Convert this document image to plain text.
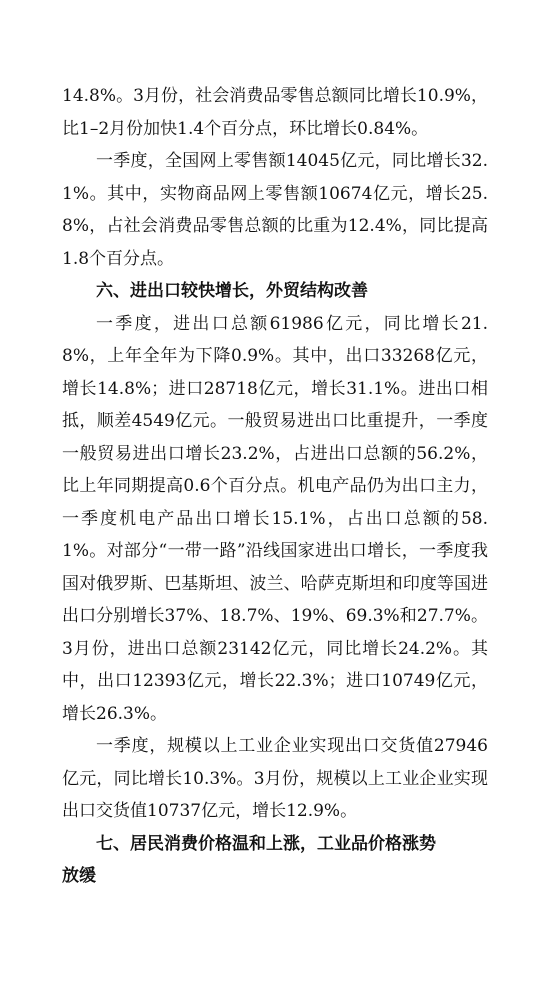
14.8%。3月份，社会消费品零售总额同比增长10.9%，比1–2月份加快1.4个百分点，环比增长0.84%。

一季度，全国网上零售额14045亿元，同比增长32.1%。其中，实物商品网上零售额10674亿元，增长25.8%，占社会消费品零售总额的比重为12.4%，同比提高1.8个百分点。

六、进出口较快增长，外贸结构改善

一季度，进出口总额61986亿元，同比增长21.8%，上年全年为下降0.9%。其中，出口33268亿元，增长14.8%；进口28718亿元，增长31.1%。进出口相抵，顺差4549亿元。一般贸易进出口比重提升，一季度一般贸易进出口增长23.2%，占进出口总额的56.2%，比上年同期提高0.6个百分点。机电产品仍为出口主力，一季度机电产品出口增长15.1%，占出口总额的58.1%。对部分“一带一路”沿线国家进出口增长，一季度我国对俄罗斯、巴基斯坦、波兰、哈萨克斯坦和印度等国进出口分别增长37%、18.7%、19%、69.3%和27.7%。3月份，进出口总额23142亿元，同比增长24.2%。其中，出口12393亿元，增长22.3%；进口10749亿元，增长26.3%。

一季度，规模以上工业企业实现出口交货值27946亿元，同比增长10.3%。3月份，规模以上工业企业实现出口交货值10737亿元，增长12.9%。

七、居民消费价格温和上涨，工业品价格涨势

放缓
